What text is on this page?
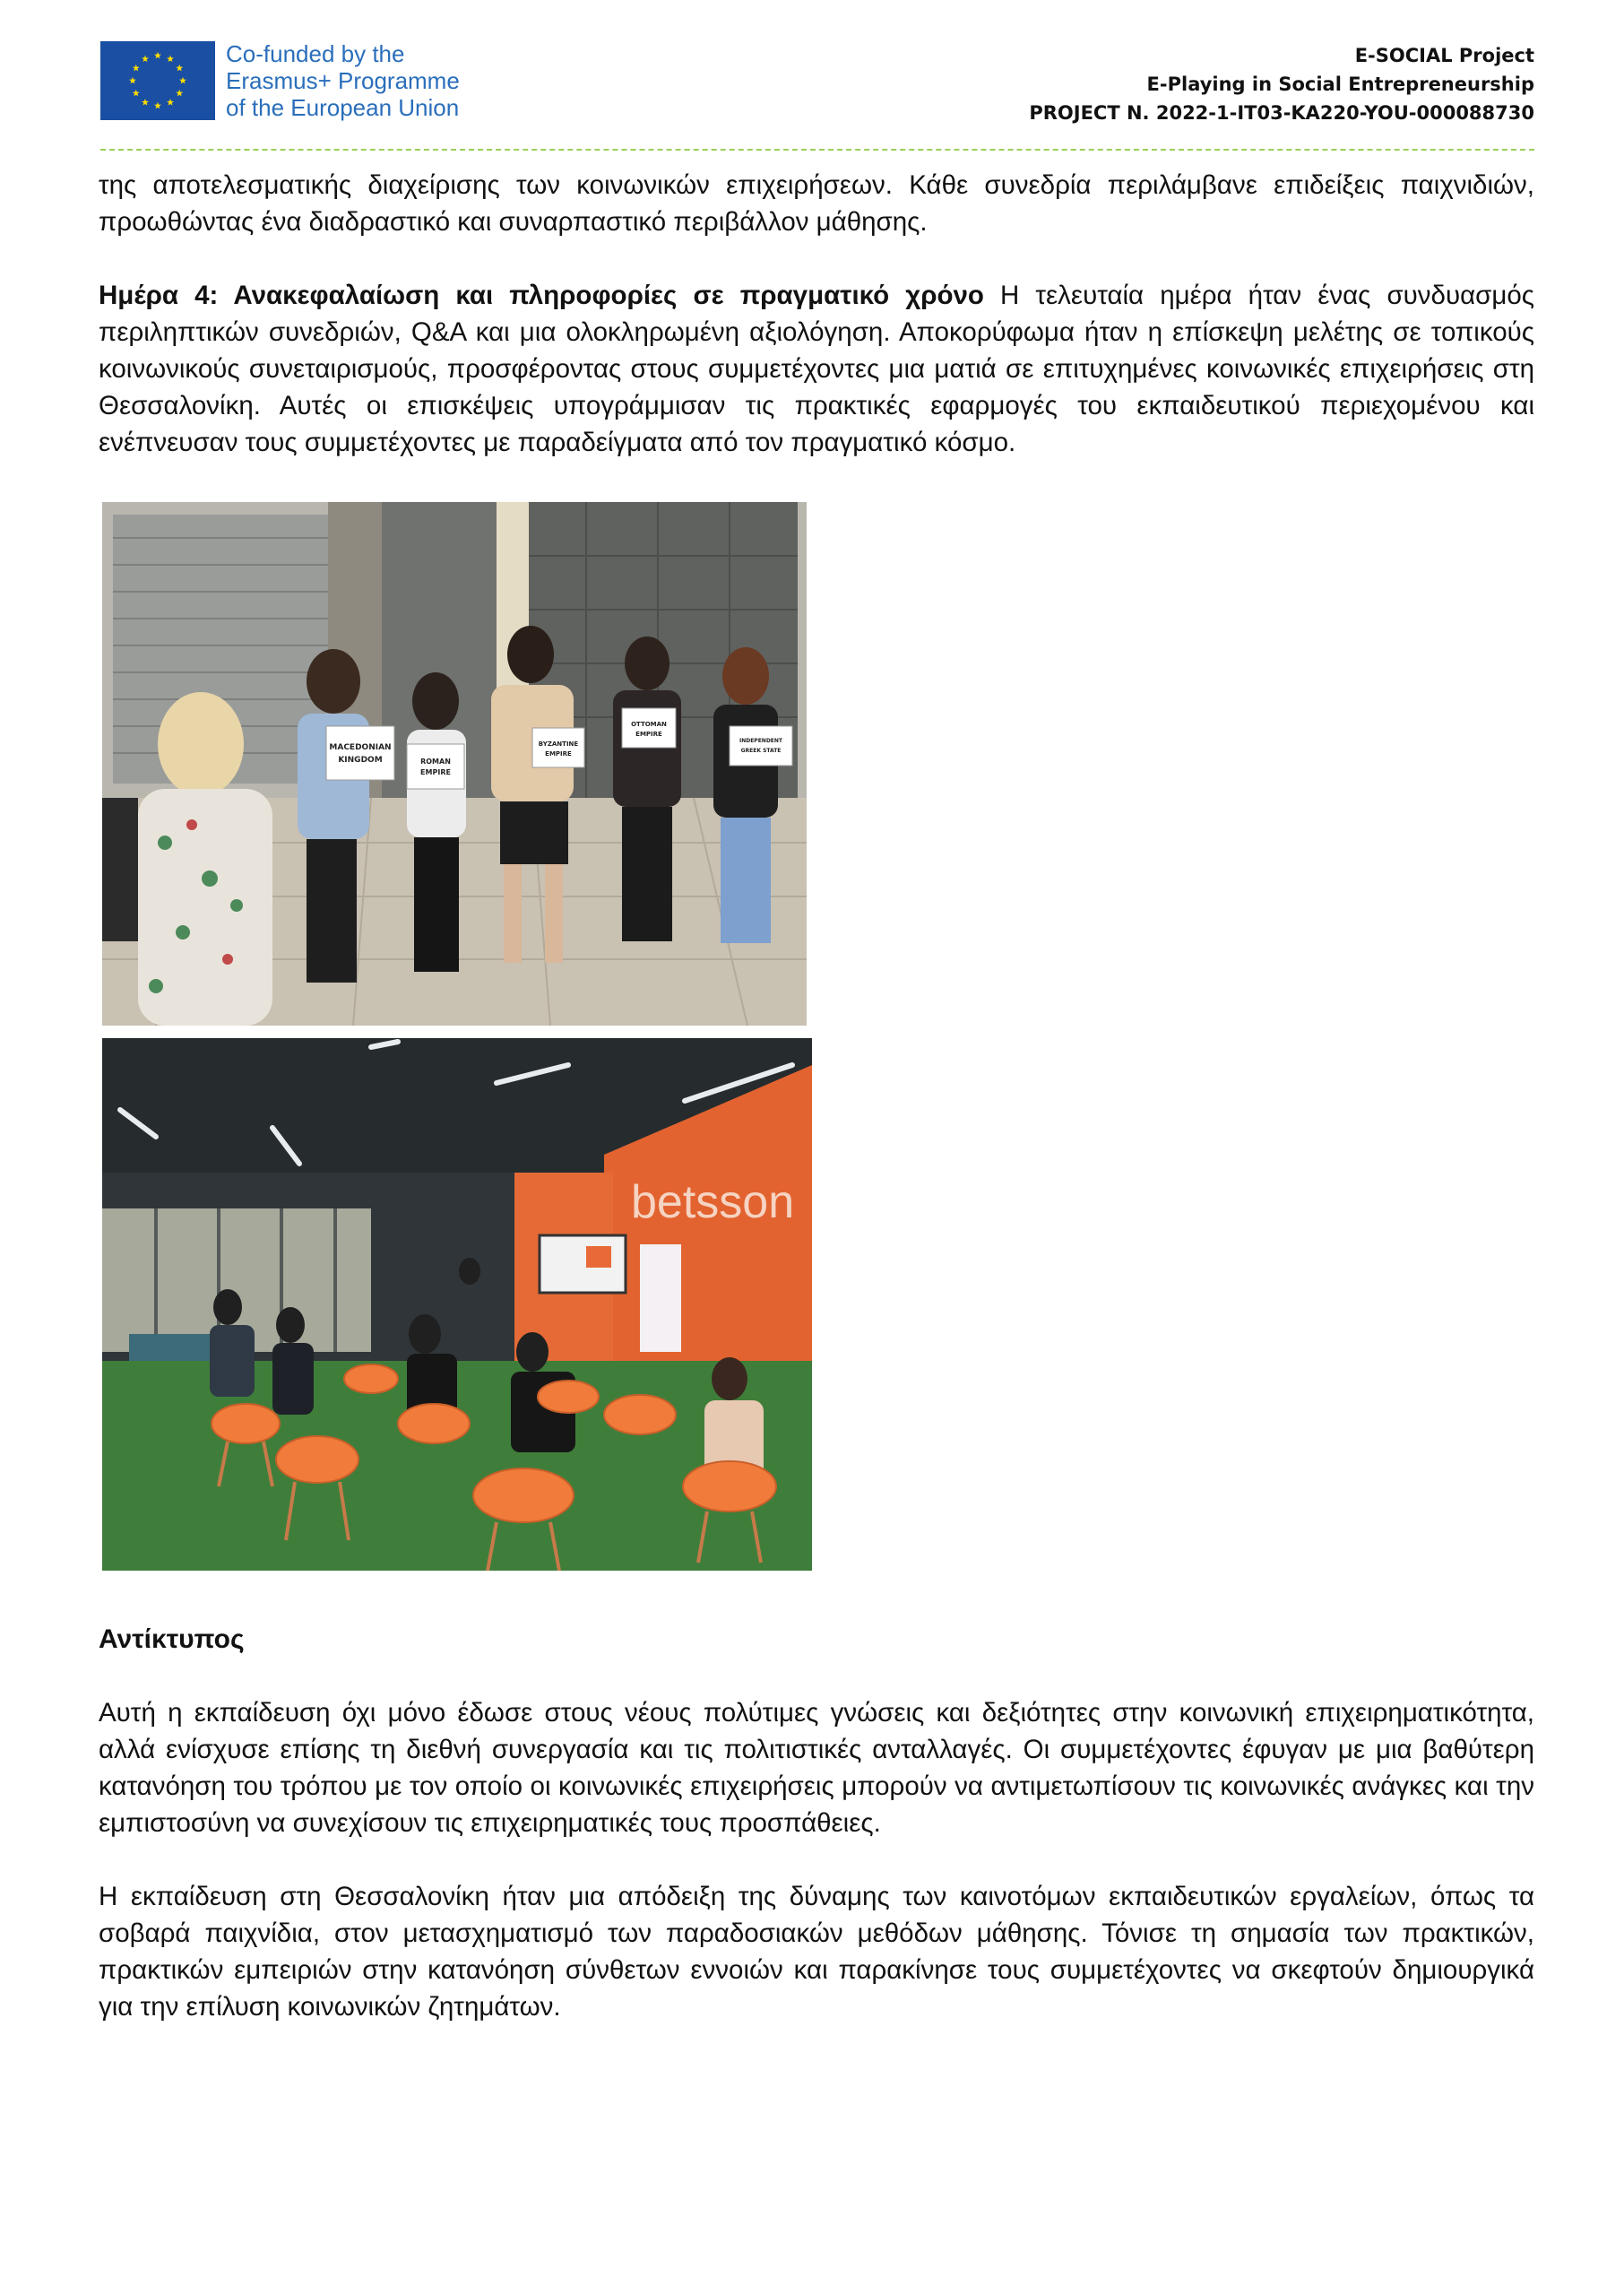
Co-funded by the
Erasmus+ Programme
of the European Union
E-SOCIAL Project
E-Playing in Social Entrepreneurship
PROJECT N. 2022-1-IT03-KA220-YOU-000088730

της αποτελεσματικής διαχείρισης των κοινωνικών επιχειρήσεων. Κάθε συνεδρία περιλάμβανε επιδείξεις παιχνιδιών, προωθώντας ένα διαδραστικό και συναρπαστικό περιβάλλον μάθησης.

Ημέρα 4: Ανακεφαλαίωση και πληροφορίες σε πραγματικό χρόνο Η τελευταία ημέρα ήταν ένας συνδυασμός περιληπτικών συνεδριών, Q&A και μια ολοκληρωμένη αξιολόγηση. Αποκορύφωμα ήταν η επίσκεψη μελέτης σε τοπικούς κοινωνικούς συνεταιρισμούς, προσφέροντας στους συμμετέχοντες μια ματιά σε επιτυχημένες κοινωνικές επιχειρήσεις στη Θεσσαλονίκη. Αυτές οι επισκέψεις υπογράμμισαν τις πρακτικές εφαρμογές του εκπαιδευτικού περιεχομένου και ενέπνευσαν τους συμμετέχοντες με παραδείγματα από τον πραγματικό κόσμο.

MACEDONIAN
KINGDOM	ROMAN
EMPIRE
BYZANTINE
EMPIRE
OTTOMAN
EMPIRE
INDEPENDENT
GREEK STATE
betsson
Αντίκτυπος

Αυτή η εκπαίδευση όχι μόνο έδωσε στους νέους πολύτιμες γνώσεις και δεξιότητες στην κοινωνική επιχειρηματικότητα, αλλά ενίσχυσε επίσης τη διεθνή συνεργασία και τις πολιτιστικές ανταλλαγές. Οι συμμετέχοντες έφυγαν με μια βαθύτερη κατανόηση του τρόπου με τον οποίο οι κοινωνικές επιχειρήσεις μπορούν να αντιμετωπίσουν τις κοινωνικές ανάγκες και την εμπιστοσύνη να συνεχίσουν τις επιχειρηματικές τους προσπάθειες.

Η εκπαίδευση στη Θεσσαλονίκη ήταν μια απόδειξη της δύναμης των καινοτόμων εκπαιδευτικών εργαλείων, όπως τα σοβαρά παιχνίδια, στον μετασχηματισμό των παραδοσιακών μεθόδων μάθησης. Τόνισε τη σημασία των πρακτικών, πρακτικών εμπειριών στην κατανόηση σύνθετων εννοιών και παρακίνησε τους συμμετέχοντες να σκεφτούν δημιουργικά για την επίλυση κοινωνικών ζητημάτων.
